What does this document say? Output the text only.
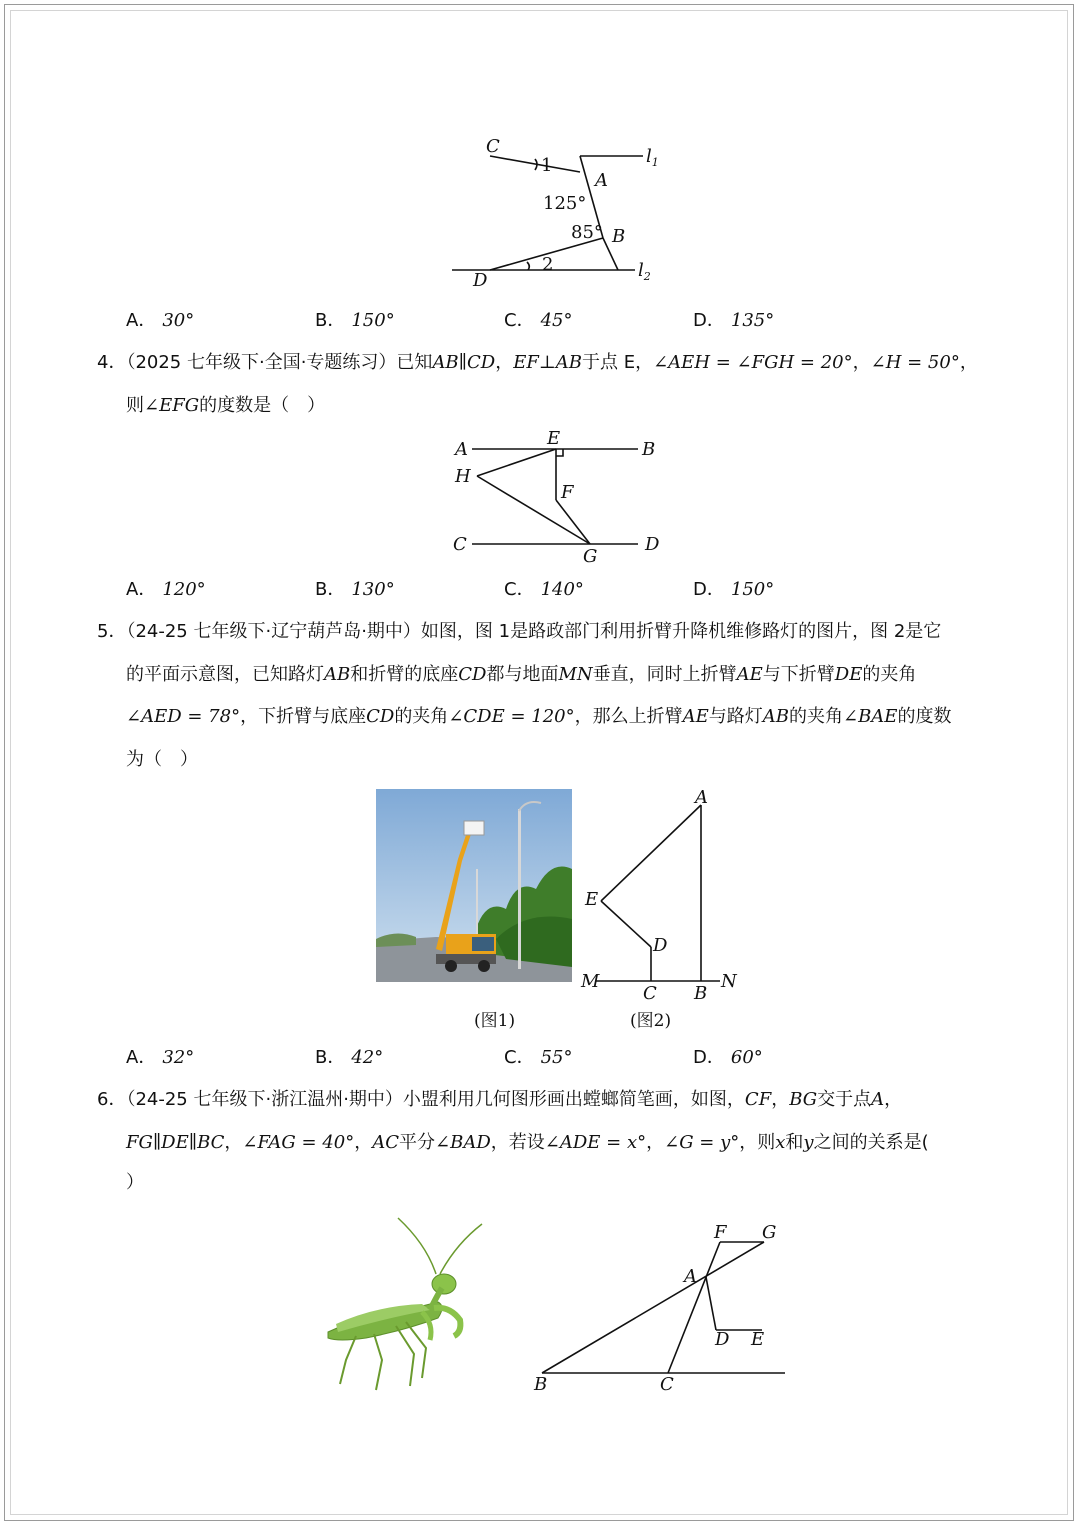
C
A
B
D
$l_1$
$l_2$
1
2
125°
85°
A． 30°	B． 150°	C． 45°	D． 135°
4．（2025 七年级下·全国·专题练习）已知AB∥CD，EF⊥AB于点 E，∠AEH = ∠FGH = 20°，∠H = 50°，
则∠EFG的度数是（　）
A
E
B
H
F
C
G
D
A． 120°	B． 130°	C． 140°	D． 150°
5．（24-25 七年级下·辽宁葫芦岛·期中）如图，图 1是路政部门利用折臂升降机维修路灯的图片，图 2是它
的平面示意图，已知路灯AB和折臂的底座CD都与地面MN垂直，同时上折臂AE与下折臂DE的夹角
∠AED = 78°，下折臂与底座CD的夹角∠CDE = 120°，那么上折臂AE与路灯AB的夹角∠BAE的度数
为（　）
A
E
D
M
C B
N
(图1)	(图2)
A． 32°	B． 42°	C． 55°	D． 60°
6．（24-25 七年级下·浙江温州·期中）小盟利用几何图形画出螳螂简笔画，如图，CF，BG交于点A，
FG∥DE∥BC，∠FAG = 40°，AC平分∠BAD，若设∠ADE = x°，∠G = y°，则x和y之间的关系是(
）
F G
A
D E
B	C
